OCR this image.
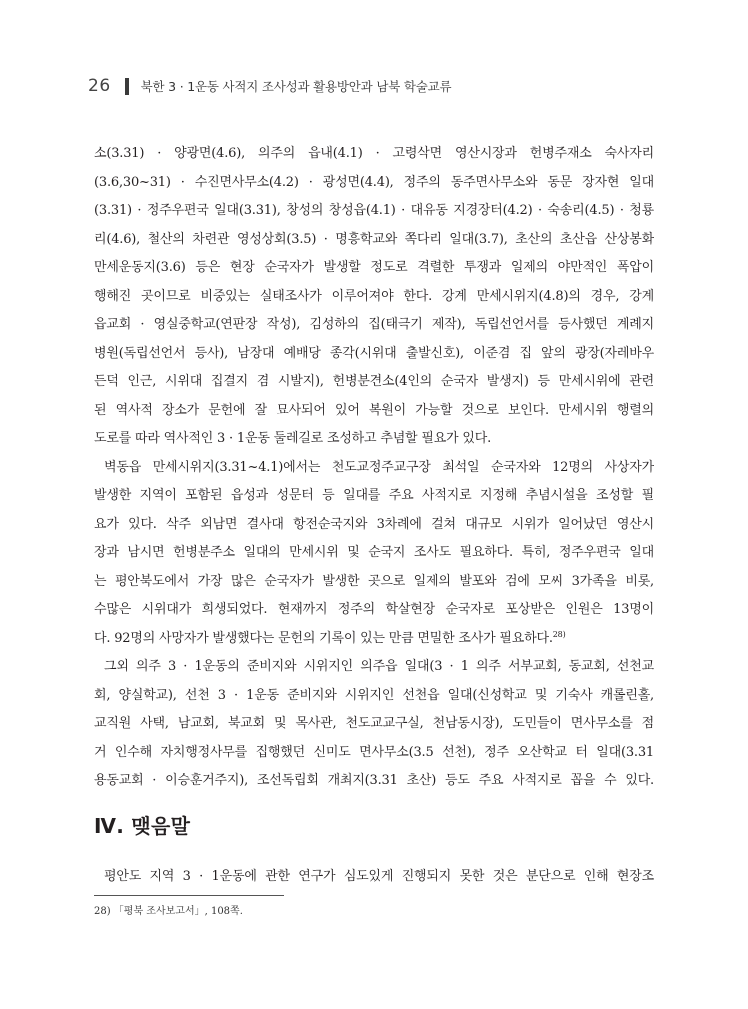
26 북한 3 · 1운동 사적지 조사성과 활용방안과 남북 학술교류
소(3.31) · 양광면(4.6), 의주의 읍내(4.1) · 고령삭면 영산시장과 헌병주재소 숙사자리
(3.6,30~31) · 수진면사무소(4.2) · 광성면(4.4), 정주의 동주면사무소와 동문 장자현 일대
(3.31) · 정주우편국 일대(3.31), 창성의 창성읍(4.1) · 대유동 지경장터(4.2) · 숙송리(4.5) · 청룡
리(4.6), 철산의 차련관 영성상회(3.5) · 명흥학교와 쪽다리 일대(3.7), 초산의 초산읍 산상봉화
만세운동지(3.6) 등은 현장 순국자가 발생할 정도로 격렬한 투쟁과 일제의 야만적인 폭압이
행해진 곳이므로 비중있는 실태조사가 이루어져야 한다. 강계 만세시위지(4.8)의 경우, 강계
읍교회 · 영실중학교(연판장 작성), 김성하의 집(태극기 제작), 독립선언서를 등사했던 계례지
병원(독립선언서 등사), 남장대 예배당 종각(시위대 출발신호), 이준겸 집 앞의 광장(자레바우
든덕 인근, 시위대 집결지 겸 시발지), 헌병분견소(4인의 순국자 발생지) 등 만세시위에 관련
된 역사적 장소가 문헌에 잘 묘사되어 있어 복원이 가능할 것으로 보인다. 만세시위 행렬의
도로를 따라 역사적인 3 · 1운동 둘레길로 조성하고 추념할 필요가 있다.
벽동읍 만세시위지(3.31~4.1)에서는 천도교정주교구장 최석일 순국자와 12명의 사상자가
발생한 지역이 포함된 읍성과 성문터 등 일대를 주요 사적지로 지정해 추념시설을 조성할 필
요가 있다. 삭주 외남면 결사대 항전순국지와 3차례에 걸쳐 대규모 시위가 일어났던 영산시
장과 남시면 헌병분주소 일대의 만세시위 및 순국지 조사도 필요하다. 특히, 정주우편국 일대
는 평안북도에서 가장 많은 순국자가 발생한 곳으로 일제의 발포와 검에 모씨 3가족을 비롯,
수많은 시위대가 희생되었다. 현재까지 정주의 학살현장 순국자로 포상받은 인원은 13명이
다. 92명의 사망자가 발생했다는 문헌의 기록이 있는 만큼 면밀한 조사가 필요하다.$^{28)}$
그외 의주 3 · 1운동의 준비지와 시위지인 의주읍 일대(3 · 1 의주 서부교회, 동교회, 선천교
회, 양실학교), 선천 3 · 1운동 준비지와 시위지인 선천읍 일대(신성학교 및 기숙사 캐롤린홀,
교직원 사택, 남교회, 북교회 및 목사관, 천도교교구실, 천남동시장), 도민들이 면사무소를 점
거 인수해 자치행정사무를 집행했던 신미도 면사무소(3.5 선천), 정주 오산학교 터 일대(3.31
용동교회 · 이승훈거주지), 조선독립회 개최지(3.31 초산) 등도 주요 사적지로 꼽을 수 있다.
Ⅳ. 맺음말
평안도 지역 3 · 1운동에 관한 연구가 심도있게 진행되지 못한 것은 분단으로 인해 현장조
28) 「평북 조사보고서」, 108쪽.
